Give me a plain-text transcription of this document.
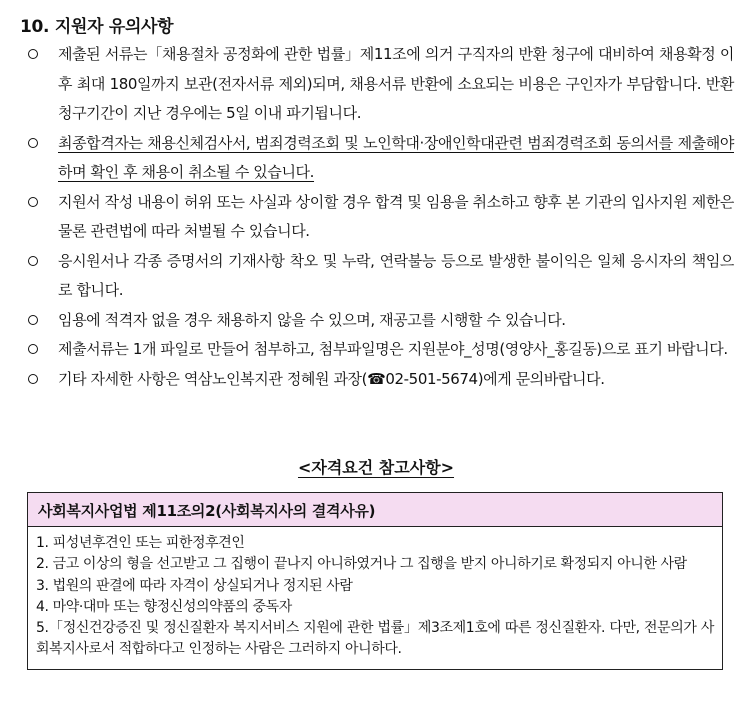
10. 지원자 유의사항
제출된 서류는「채용절차 공정화에 관한 법률」제11조에 의거 구직자의 반환 청구에 대비하여 채용확정 이후 최대 180일까지 보관(전자서류 제외)되며, 채용서류 반환에 소요되는 비용은 구인자가 부담합니다. 반환 청구기간이 지난 경우에는 5일 이내 파기됩니다.
최종합격자는 채용신체검사서, 범죄경력조회 및 노인학대·장애인학대관련 범죄경력조회 동의서를 제출해야 하며 확인 후 채용이 취소될 수 있습니다.
지원서 작성 내용이 허위 또는 사실과 상이할 경우 합격 및 임용을 취소하고 향후 본 기관의 입사지원 제한은 물론 관련법에 따라 처벌될 수 있습니다.
응시원서나 각종 증명서의 기재사항 착오 및 누락, 연락불능 등으로 발생한 불이익은 일체 응시자의 책임으로 합니다.
임용에 적격자 없을 경우 채용하지 않을 수 있으며, 재공고를 시행할 수 있습니다.
제출서류는 1개 파일로 만들어 첨부하고, 첨부파일명은 지원분야_성명(영양사_홍길동)으로 표기 바랍니다.
기타 자세한 사항은 역삼노인복지관 정혜원 과장(☎02-501-5674)에게 문의바랍니다.
<자격요건 참고사항>
사회복지사업법 제11조의2(사회복지사의 결격사유)
1. 피성년후견인 또는 피한정후견인
2. 금고 이상의 형을 선고받고 그 집행이 끝나지 아니하였거나 그 집행을 받지 아니하기로 확정되지 아니한 사람
3. 법원의 판결에 따라 자격이 상실되거나 정지된 사람
4. 마약·대마 또는 향정신성의약품의 중독자
5.「정신건강증진 및 정신질환자 복지서비스 지원에 관한 법률」제3조제1호에 따른 정신질환자. 다만, 전문의가 사회복지사로서 적합하다고 인정하는 사람은 그러하지 아니하다.
